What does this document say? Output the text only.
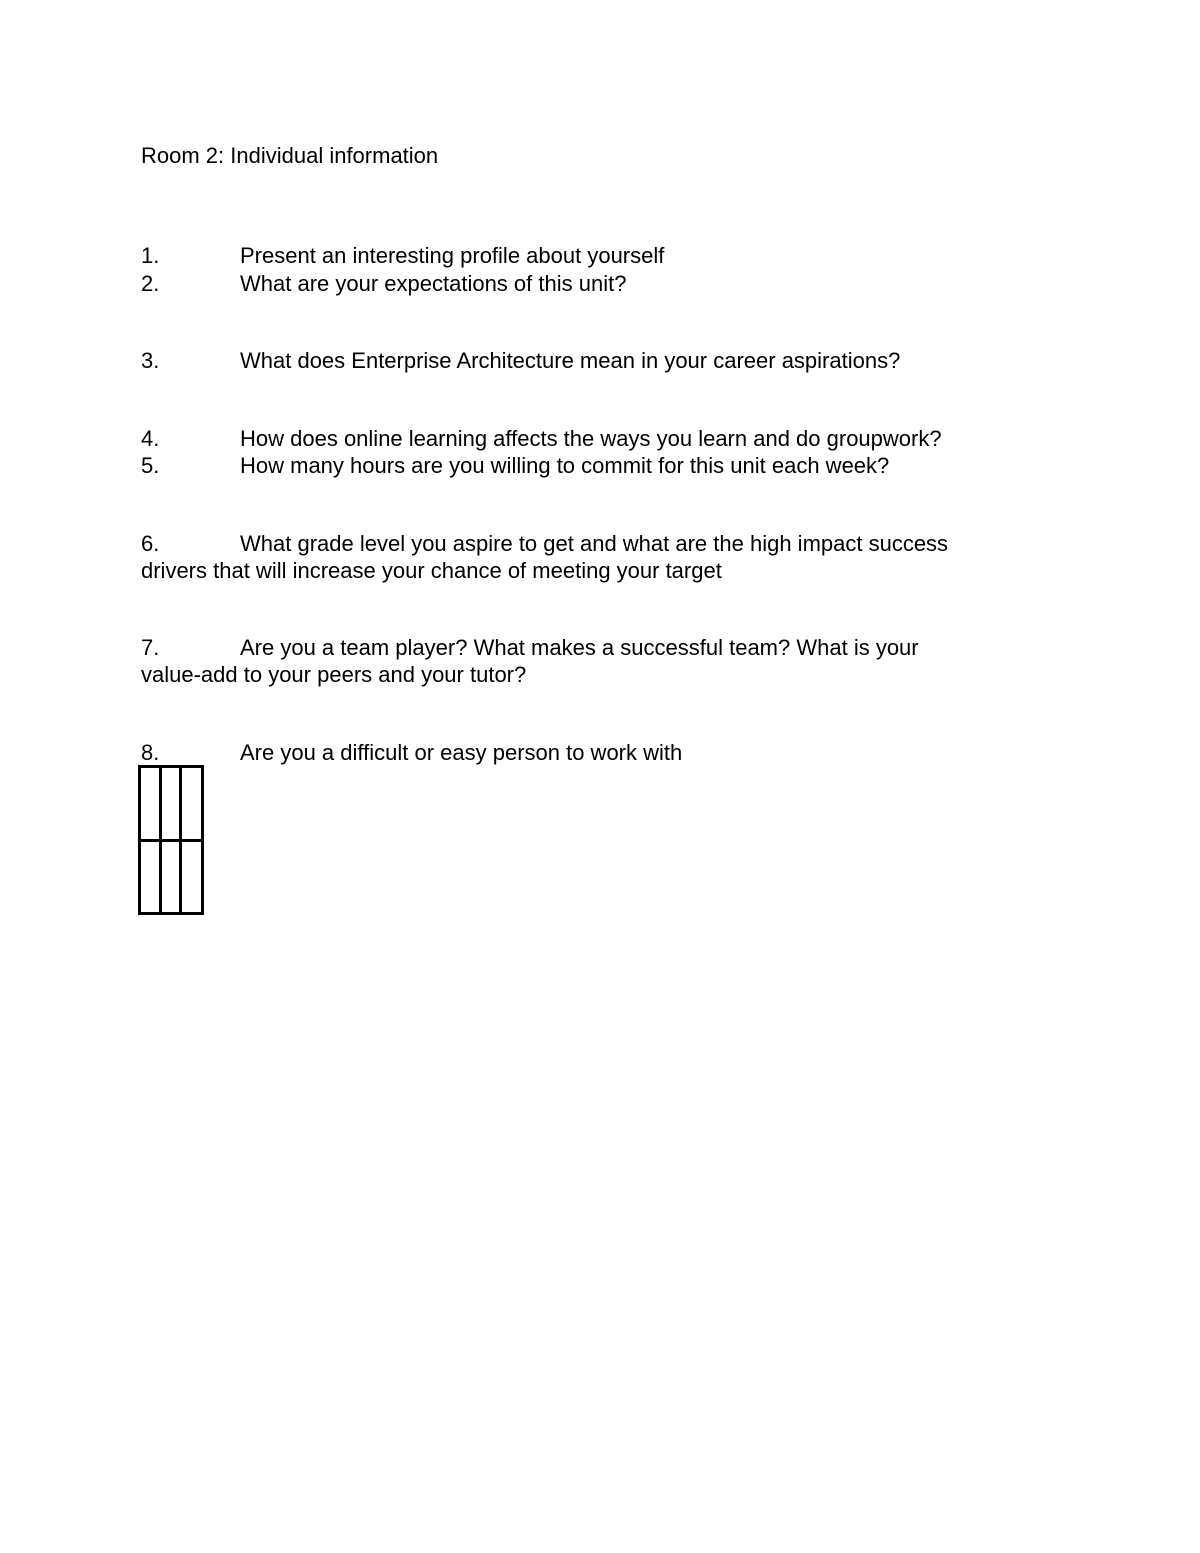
Room 2: Individual information
1.	Present an interesting profile about yourself
2.	What are your expectations of this unit?
3.	What does Enterprise Architecture mean in your career aspirations?
4.	How does online learning affects the ways you learn and do groupwork?
5.	How many hours are you willing to commit for this unit each week?
6.	What grade level you aspire to get and what are the high impact success
drivers that will increase your chance of meeting your target
7.	Are you a team player? What makes a successful team? What is your
value-add to your peers and your tutor?
8.	Are you a difficult or easy person to work with
